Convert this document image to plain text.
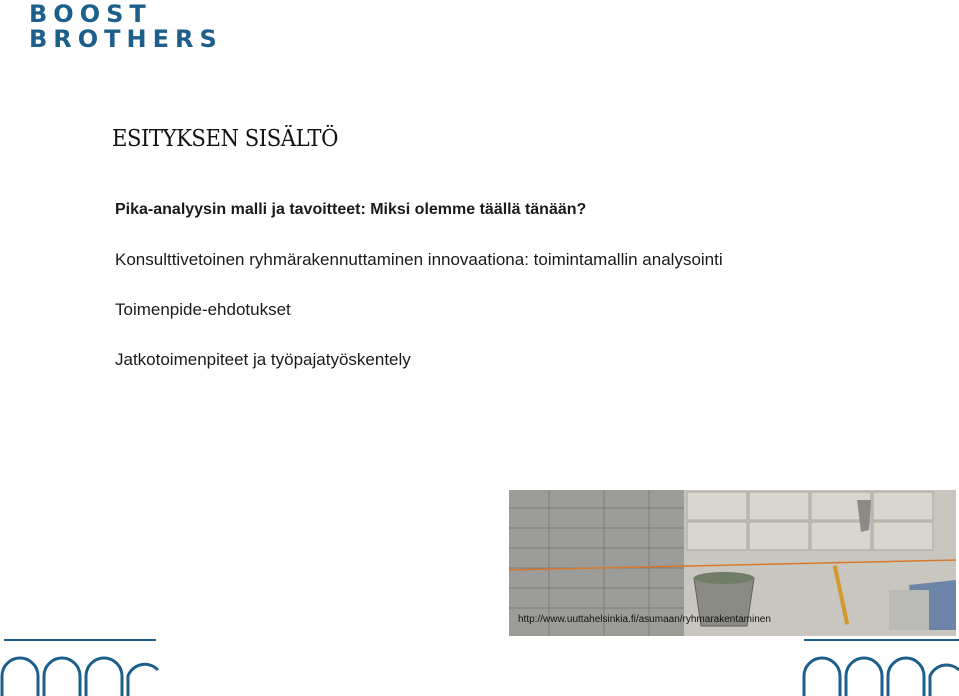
BOOST
BROTHERS
ESITYKSEN SISÄLTÖ
Pika-analyysin malli ja tavoitteet: Miksi olemme täällä tänään?
Konsulttivetoinen ryhmärakennuttaminen innovaationa: toimintamallin analysointi
Toimenpide-ehdotukset
Jatkotoimenpiteet ja työpajatyöskentely
http://www.uuttahelsinkia.fi/asumaan/ryhmarakentaminen
